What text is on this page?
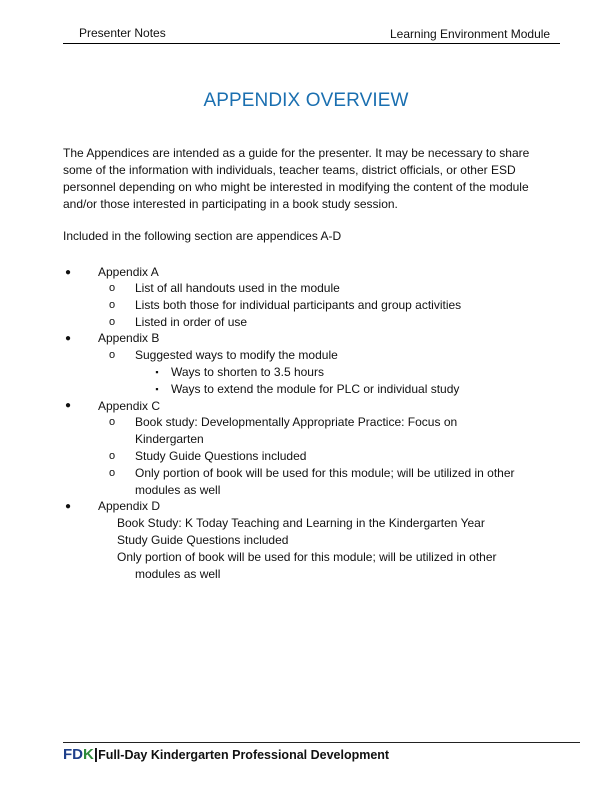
Presenter Notes	Learning Environment Module
APPENDIX OVERVIEW
The Appendices are intended as a guide for the presenter. It may be necessary to share some of the information with individuals, teacher teams, district officials, or other ESD personnel depending on who might be interested in modifying the content of the module and/or those interested in participating in a book study session.
Included in the following section are appendices A-D
● Appendix A
o List of all handouts used in the module
o Lists both those for individual participants and group activities
o Listed in order of use
● Appendix B
o Suggested ways to modify the module
▪ Ways to shorten to 3.5 hours
▪ Ways to extend the module for PLC or individual study
● Appendix C
o Book study: Developmentally Appropriate Practice: Focus on
Kindergarten
o Study Guide Questions included
o Only portion of book will be used for this module; will be utilized in other
modules as well
● Appendix D
Book Study: K Today Teaching and Learning in the Kindergarten Year
Study Guide Questions included
Only portion of book will be used for this module; will be utilized in other
modules as well
FDK|Full-Day Kindergarten Professional Development
